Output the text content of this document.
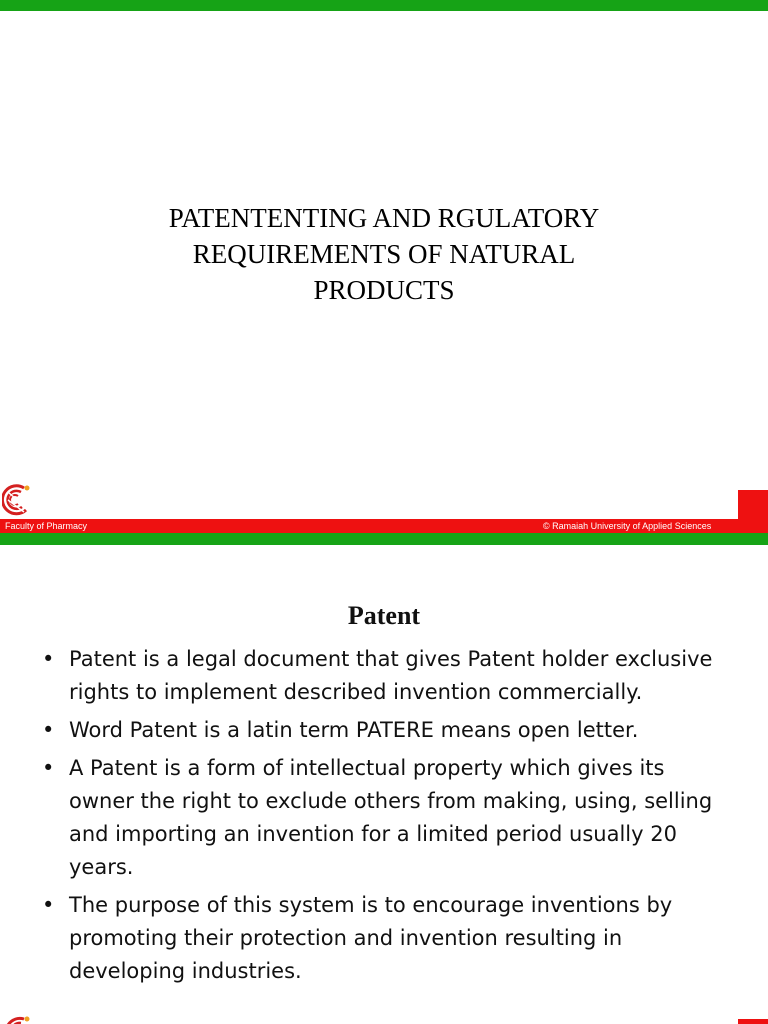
PATENTENTING AND RGULATORY
REQUIREMENTS OF NATURAL
PRODUCTS
Faculty of Pharmacy	© Ramaiah University of Applied Sciences
Patent
• Patent is a legal document that gives Patent holder exclusive rights to implement described invention commercially.
• Word Patent is a latin term PATERE means open letter.
• A Patent is a form of intellectual property which gives its owner the right to exclude others from making, using, selling and importing an invention for a limited period usually 20 years.
• The purpose of this system is to encourage inventions by promoting their protection and invention resulting in developing industries.
